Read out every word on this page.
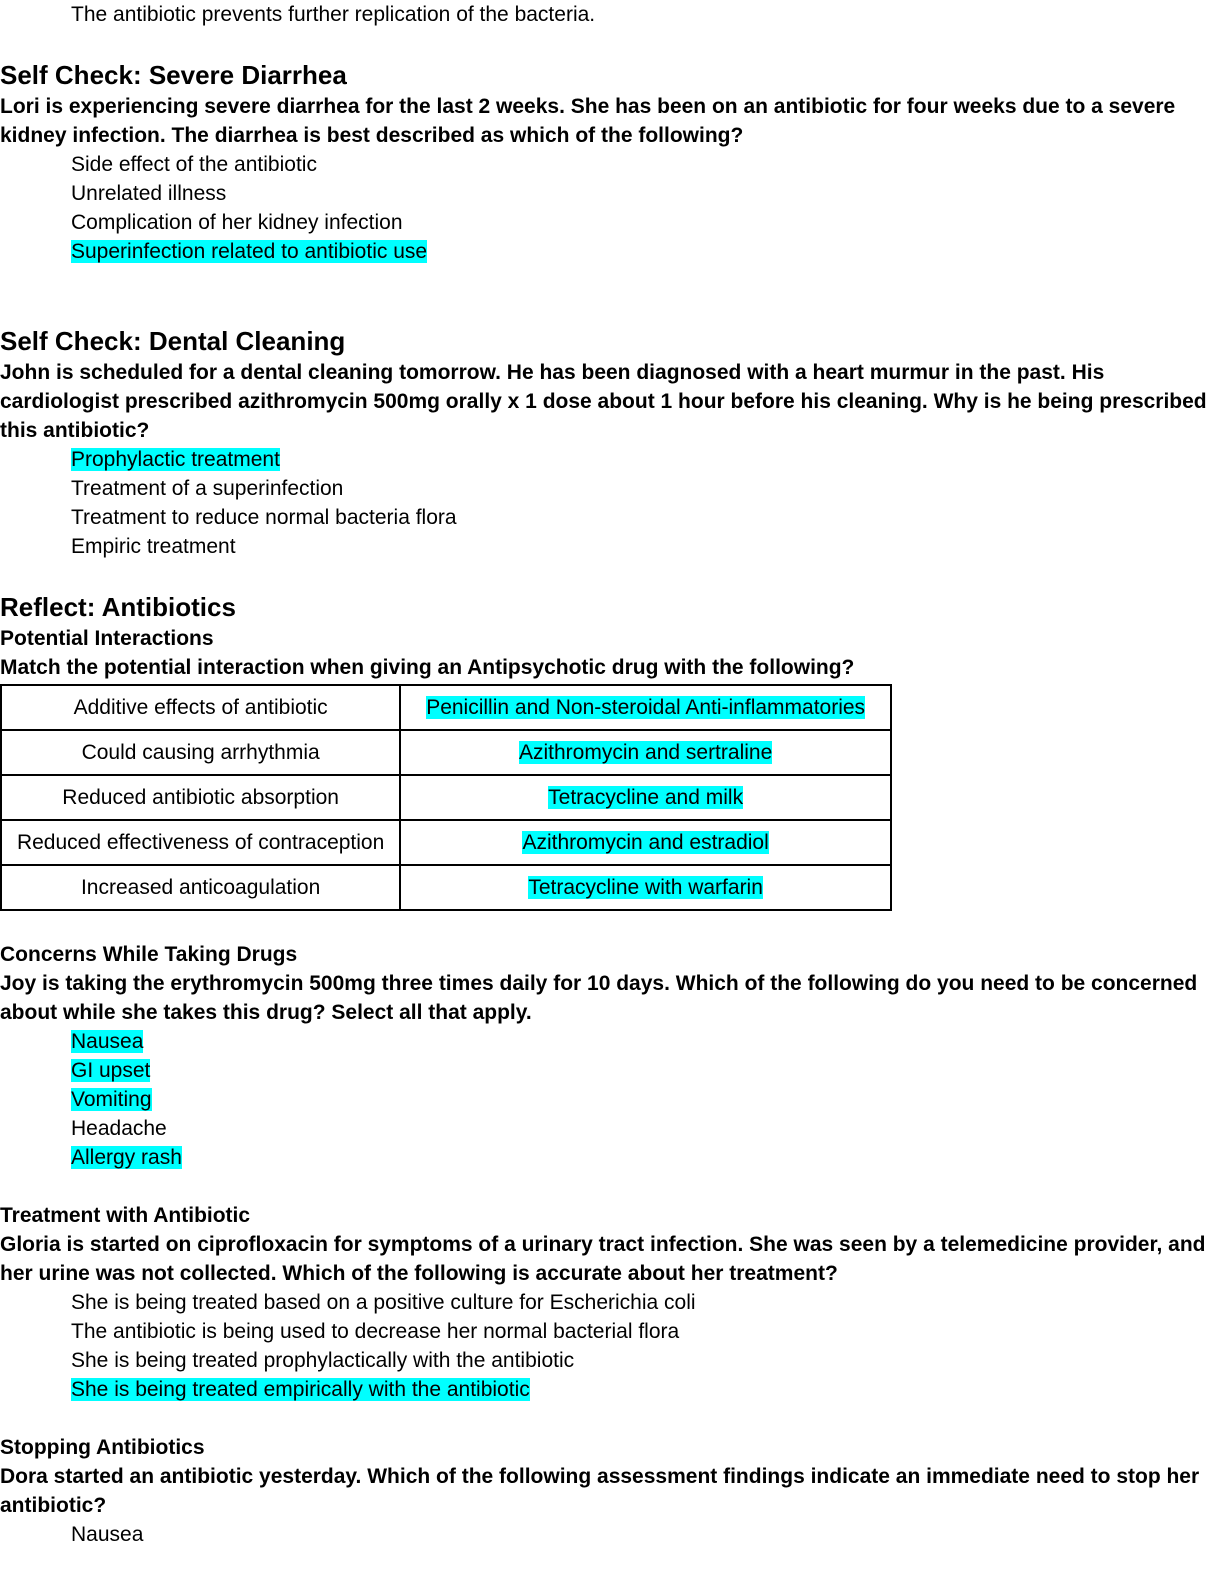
The antibiotic prevents further replication of the bacteria.
Self Check: Severe Diarrhea
Lori is experiencing severe diarrhea for the last 2 weeks. She has been on an antibiotic for four weeks due to a severe kidney infection. The diarrhea is best described as which of the following?
Side effect of the antibiotic
Unrelated illness
Complication of her kidney infection
Superinfection related to antibiotic use
Self Check: Dental Cleaning
John is scheduled for a dental cleaning tomorrow. He has been diagnosed with a heart murmur in the past. His cardiologist prescribed azithromycin 500mg orally x 1 dose about 1 hour before his cleaning. Why is he being prescribed this antibiotic?
Prophylactic treatment
Treatment of a superinfection
Treatment to reduce normal bacteria flora
Empiric treatment
Reflect: Antibiotics
Potential Interactions
Match the potential interaction when giving an Antipsychotic drug with the following?
Additive effects of antibiotic	Penicillin and Non-steroidal Anti-inflammatories
Could causing arrhythmia	Azithromycin and sertraline
Reduced antibiotic absorption	Tetracycline and milk
Reduced effectiveness of contraception	Azithromycin and estradiol
Increased anticoagulation	Tetracycline with warfarin
Concerns While Taking Drugs
Joy is taking the erythromycin 500mg three times daily for 10 days. Which of the following do you need to be concerned about while she takes this drug? Select all that apply.
Nausea
GI upset
Vomiting
Headache
Allergy rash
Treatment with Antibiotic
Gloria is started on ciprofloxacin for symptoms of a urinary tract infection. She was seen by a telemedicine provider, and her urine was not collected. Which of the following is accurate about her treatment?
She is being treated based on a positive culture for Escherichia coli
The antibiotic is being used to decrease her normal bacterial flora
She is being treated prophylactically with the antibiotic
She is being treated empirically with the antibiotic
Stopping Antibiotics
Dora started an antibiotic yesterday. Which of the following assessment findings indicate an immediate need to stop her antibiotic?
Nausea
